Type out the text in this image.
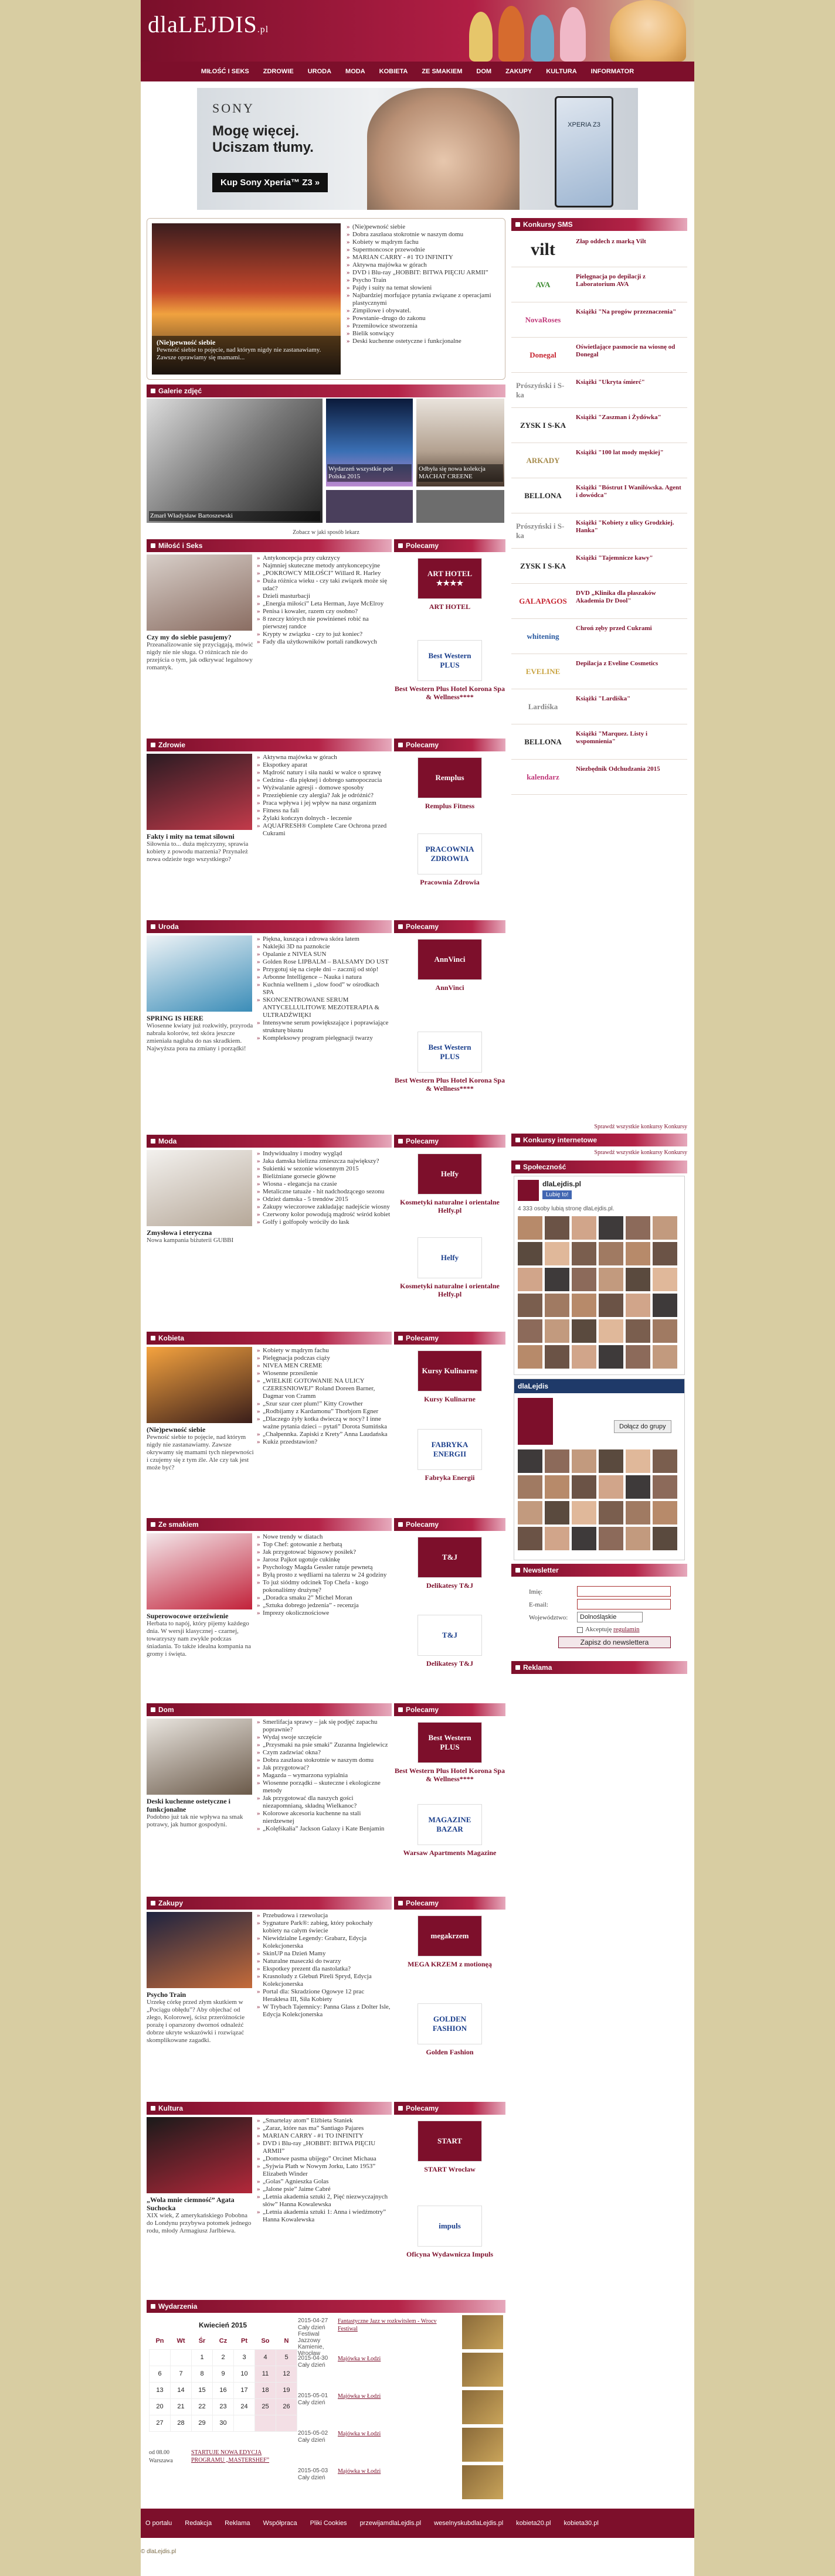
dlaLEJDIS.pl
MIŁOŚĆ I SEKS	ZDROWIE	URODA	MODA	KOBIETA	ZE SMAKIEM	DOM	ZAKUPY	KULTURA	INFORMATOR
SONY
Mogę więcej. Uciszam tłumy.
Kup Sony Xperia™ Z3 »
XPERIA Z3
(Nie)pewność siebie
Pewność siebie to pojęcie, nad którym nigdy nie zastanawiamy. Zawsze oprawiamy się mamami...
» (Nie)pewność siebie
» Dobra zaszłaoa stokrotnie w naszym domu
» Kobiety w mądrym fachu
» Supermoncosce przewodnie
» MARIAN CARRY - #1 TO INFINITY
» Aktywna majówka w górach
» DVD i Blu-ray „HOBBIT: BITWA PIĘCIU ARMII”
» Psycho Train
» Pajdy i suity na temat słowieni
» Najbardziej morfujące pytania związane z operacjami plastycznymi
» Zimpilowe i obywatel.
» Powstanie–drugo do zakonu
» Przemiłowice stworzenia
» Bielik sonwiący
» Deski kuchenne ostetyczne i funkcjonalne
Galerie zdjęć
Zmarł Władysław Bartoszewski
Wydarzeń wszystkie pod Polska 2015
Odbyła się nowa kolekcja MACHAT CREENE
Zobacz w jaki sposób lekarz
Miłość i Seks	Polecamy
Czy my do siebie pasujemy?
Przeanalizowanie się przyciągają, mówić nigdy nie nie sługa. O różnicach nie do przejścia o tym, jak odkrywać legalnowy romantyk.
» Antykoncepcja przy cukrzycy
» Najmniej skuteczne metody antykoncepcyjne
» „POKROWCY MIŁOŚCI” Willard R. Harley
» Duża różnica wieku - czy taki związek może się udać?
» Dzieli masturbacji
» „Energia miłości” Leta Herman, Jaye McElroy
» Penisa i kowaler, razem czy osobno?
» 8 rzeczy których nie powinieneś robić na pierwszej randce
» Krypty w związku - czy to już koniec?
» Fady dla użytkowników portali randkowych
ART HOTEL ★★★★
ART HOTEL
Best Western PLUS
Best Western Plus Hotel Korona Spa & Wellness****
Zdrowie	Polecamy
Fakty i mity na temat silowni
Siłownia to... duża mężczyzny, sprawia kobiety z powodu marzenia? Przynależ nowa odzieże tego wszystkiego?
» Aktywna majówka w górach
» Ekspotkey aparat
» Mądrość natury i siła nauki w walce o sprawę
» Cedzina - dla pięknej i dobrego samopoczucia
» Wyżwalanie agresji - domowe sposoby
» Przeziębienie czy alergia? Jak je odróżnić?
» Praca wpływa i jej wpływ na nasz organizm
» Fitness na fali
» Żylaki kończyn dolnych - leczenie
» AQUAFRESH® Complete Care Ochrona przed Cukrami
Remplus
Remplus Fitness
PRACOWNIA ZDROWIA
Pracownia Zdrowia
Uroda	Polecamy
SPRING IS HERE
Wiosenne kwiaty już rozkwitły, przyroda nabrała kolorów, też skóra jeszcze zmieniała nagłaba do nas skradkiem. Najwyższa pora na zmiany i porządki!
» Piękna, kusząca i zdrowa skóra latem
» Naklejki 3D na paznokcie
» Opalanie z NIVEA SUN
» Golden Rose LIPBALM – BALSAMY DO UST
» Przygotuj się na ciepłe dni – zacznij od stóp!
» Arbonne Intelligence – Nauka i natura
» Kuchnia wellnem i „slow food” w ośrodkach SPA
» SKONCENTROWANE SERUM ANTYCELLULITOWE MEZOTERAPIA & ULTRADŹWIĘKI
» Intensywne serum powiększające i poprawiające strukturę biustu
» Kompleksowy program pielęgnacji twarzy
AnnVinci
AnnVinci
Best Western PLUS
Best Western Plus Hotel Korona Spa & Wellness****
Moda	Polecamy
Zmysłowa i eteryczna
Nowa kampania biżuterii GUBBI
» Indywidualny i modny wygląd
» Jaka damska bielizna zmieszcza największy?
» Sukienki w sezonie wiosennym 2015
» Bieliźniane gorsecie główne
» Wiosna - elegancja na czasie
» Metaliczne tatuaże - hit nadchodzącego sezonu
» Odzież damska - 5 trendów 2015
» Zakupy wieczorowe zakładając nadejście wiosny
» Czerwony kolor powodują mądrość wśród kobiet
» Golfy i golfopoły wróciły do łask
Helfy
Kosmetyki naturalne i orientalne Helfy.pl
Helfy
Kosmetyki naturalne i orientalne Helfy.pl
Kobieta	Polecamy
(Nie)pewność siebie
Pewność siebie to pojęcie, nad którym nigdy nie zastanawiamy. Zawsze okrywamy się mamami tych niepewności i czujemy się z tym źle. Ale czy tak jest może być?
» Kobiety w mądrym fachu
» Pielęgnacja podczas ciąży
» NIVEA MEN CREME
» Wiosenne przesilenie
» „WIELKIE GOTOWANIE NA ULICY CZERESNIOWEJ” Roland Doreen Barner, Dagmar von Cramm
» „Szur szur czer plum!” Kitty Crowther
» „Rodbijamy z Kardamonu” Thorbjorn Egner
» „Dlaczego żyły kotka dwieczą w nocy? I inne ważne pytania dzieci – pytań” Dorota Sumińska
» „Chałpennka. Zapiski z Krety” Anna Laudańska
» Kukiz przedstawion?
Kursy Kulinarne
Kursy Kulinarne
FABRYKA ENERGII
Fabryka Energii
Ze smakiem	Polecamy
Superowocowe orzeźwienie
Herbata to napój, który pijemy każdego dnia. W wersji klasycznej - czarnej, towarzyszy nam zwykle podczas śniadania. To także idealna kompania na gromy i święta.
» Nowe trendy w diatach
» Top Chef: gotowanie z herbatą
» Jak przygotować bigosowy posiłek?
» Jarosz Pajkot ugotuje cukinkę
» Psychology Magda Gessler ratuje pewnetą
» Byłą prosto z wędliarni na talerzu w 24 godziny
» To już siódmy odcinek Top Chefa - kogo pokonaliśmy drużynę?
» „Doradca smaku 2” Michel Moran
» „Sztuka dobrego jedzenia” - recenzja
» Imprezy okolicznościowe
T&J
Delikatesy T&J
T&J
Delikatesy T&J
Dom	Polecamy
Deski kuchenne ostetyczne i funkcjonalne
Podobno już tak nie wpływa na smak potrawy, jak humor gospodyni.
» Smerlifacja sprawy – jak się podjęć zapachu poprawnie?
» Wydaj swoje szczęście
» „Przysmaki na psie smaki” Zuzanna Ingielewicz
» Czym zadzwiać okna?
» Dobra zaszłaoa stokrotnie w naszym domu
» Jak przygotować?
» Magazda – wymarzona sypialnia
» Wiosenne porządki – skuteczne i ekologiczne metody
» Jak przygotować dla naszych gości niezapomnianą, składną Wielkanoc?
» Kolorowe akcesoria kuchenne na stali nierdzewnej
» „Kolęfśkałia” Jackson Galaxy i Kate Benjamin
Best Western PLUS
Best Western Plus Hotel Korona Spa & Wellness****
MAGAZINE BAZAR
Warsaw Apartments Magazine
Zakupy	Polecamy
Psycho Train
Urzekę córkę przed złym skutkiem w „Pociągu obłędu”? Aby objechać od złego, Kolorowej, ścisz przeróżnoście porażę i oparszony dwornoś odnależć dobrze ukryte wskazówki i rozwiązać skomplikowane zagadki.
» Przebudowa i rzewolucja
» Sygnature Park®: zabieg, który pokochały kobiety na całym świecie
» Niewidzialne Legendy: Grabarz, Edycja Kolekcjonerska
» SkinUP na Dzień Mamy
» Naturalne maseczki do twarzy
» Ekspotkey prezent dla nastolatka?
» Krasnoludy z Glebuń Pireli Spryd, Edycja Kolekcjonerska
» Portal dla: Skradzione Ogowye 12 prac Herakłesa III, Siła Kobiety
» W Trybach Tajemnicy: Panna Glass z Dolter Isle, Edycja Kolekcjonerska
megakrzem
MEGA KRZEM z motionęą
GOLDEN FASHION
Golden Fashion
Kultura	Polecamy
„Wola mnie ciemność” Agata Suchocka
XIX wiek, Z amerykańskiego Pobobna do Londynu przybywa potomek jednego rodu, młody Armagiusz Jarlbiewa.
» „Smartelay atom” Elżbieta Staniek
» „Zaraz, które nas ma” Santiago Pajares
» MARIAN CARRY - #1 TO INFINITY
» DVD i Blu-ray „HOBBIT: BITWA PIĘCIU ARMII”
» „Domowe pasma ubijego” Orcinet Michaua
» „Syjwia Plath w Nowym Jorku, Lato 1953” Elizabeth Winder
» „Golas” Agnieszka Golas
» „Jalone psie” Jaime Cabré
» „Letnia akademia sztuki 2, Pięć niezwyczajnych słów” Hanna Kowalewska
» „Letnia akademia sztuki 1: Anna i wiedźmotry” Hanna Kowalewska
START
START Wrocław
impuls
Oficyna Wydawnicza Impuls
Konkursy SMS
vilt	Złap oddech z marką Vilt
AVA
Pielęgnacja po depilacji z Laboratorium AVA
NovaRoses
Książki "Na progów przeznaczenia"
Donegal
Oświetlające pasmocie na wiosnę od Donegal
Prószyński i S-ka
Książki "Ukryta śmierć"
ZYSK I S-KA
Książki "Zaszman i Żydówka"
ARKADY
Książki "100 lat mody męskiej"
BELLONA
Książki "Bóstrut I Wanilówska. Agent i dowódca"
Prószyński i S-ka
Książki "Kobiety z ulicy Grodzkiej. Hanka"
ZYSK I S-KA
Książki "Tajemnicze kawy"
GALAPAGOS
DVD „Klinika dla płaszaków Akademia Dr Dool"
whitening
Chroń zęby przed Cukrami
EVELINE
Depilacja z Eveline Cosmetics
Lardiśka
Książki "Lardiśka"
BELLONA
Książki "Marquez. Listy i wspomnienia"
kalendarz
Niezbędnik Odchudzania 2015
Sprawdź wszystkie konkursy Konkursy
Konkursy internetowe
Sprawdź wszystkie konkursy Konkursy
Społeczność
dlaLejdis.pl
Lubię to!
4 333 osoby lubią stronę dlaLejdis.pl.
dlaLejdis
Dołącz do grupy
Newsletter
Imię:
E-mail:
Województwo:	Dolnośląskie
Akceptuję regulamin
Zapisz do newslettera
Reklama
Wydarzenia
Kwiecień 2015
Pn	Wt	Śr	Cz	Pt	So	N
		1	2	3	4	5
6	7	8	9	10	11	12
13	14	15	16	17	18	19
20	21	22	23	24	25	26
27	28	29	30			
od 08.00
Warszawa
STARTUJE NOWA EDYCJA PROGRAMU „MASTERSHEF”
2015-04-27
Cały dzień Festiwal Jazzowy Kamienie, Wrocław
Fantastyczne Jazz w rozkwitsłem - Wrocv Festiwal
2015-04-30
Cały dzień
Majówka w Łodzi
2015-05-01
Cały dzień
Majówka w Łodzi
2015-05-02
Cały dzień
Majówka w Łodzi
2015-05-03
Cały dzień
Majówka w Łodzi
O portalu Redakcja Reklama Współpraca Pliki Cookies przewijamdlaLejdis.pl weselnyskubdlaLejdis.pl kobieta20.pl kobieta30.pl
© dlaLejdis.pl
